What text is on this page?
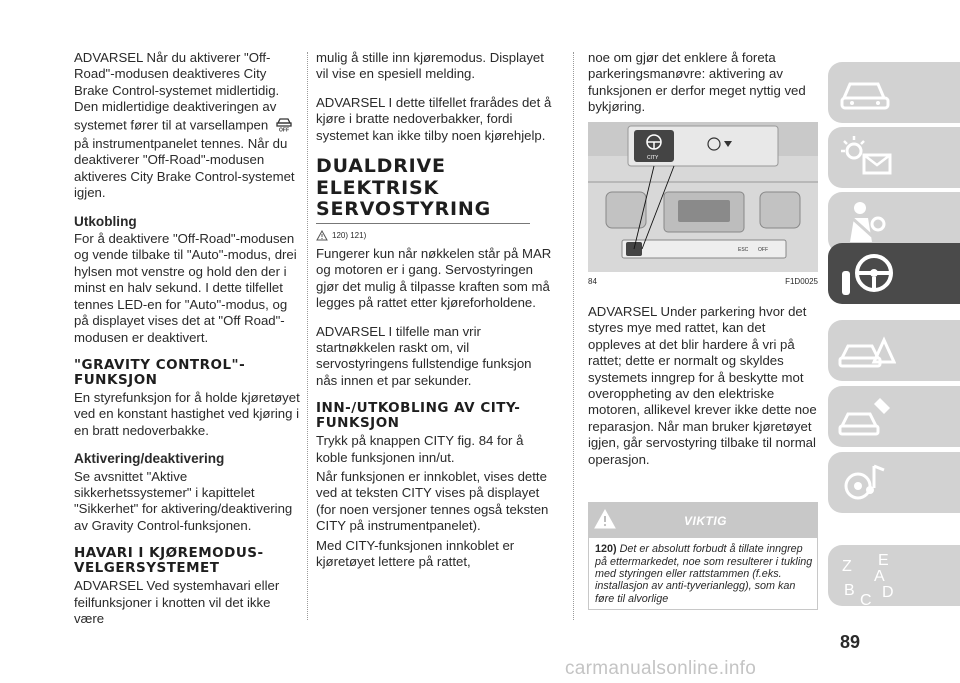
ADVARSEL Når du aktiverer "Off-Road"-modusen deaktiveres City Brake Control-systemet midlertidig. Den midlertidige deaktiveringen av systemet fører til at varsellampen OFF
på instrumentpanelet tennes. Når du deaktiverer "Off-Road"-modusen aktiveres City Brake Control-systemet igjen.

Utkobling

For å deaktivere "Off-Road"-modusen og vende tilbake til "Auto"-modus, drei hylsen mot venstre og hold den der i minst en halv sekund. I dette tilfellet tennes LED-en for "Auto"-modus, og på displayet vises det at "Off Road"-modusen er deaktivert.

"GRAVITY CONTROL"-FUNKSJON

En styrefunksjon for å holde kjøretøyet ved en konstant hastighet ved kjøring i en bratt nedoverbakke.

Aktivering/deaktivering

Se avsnittet "Aktive sikkerhetssystemer" i kapittelet "Sikkerhet" for aktivering/deaktivering av Gravity Control-funksjonen.

HAVARI I KJØREMODUS-VELGERSYSTEMET

ADVARSEL Ved systemhavari eller feilfunksjoner i knotten vil det ikke være

mulig å stille inn kjøremodus. Displayet vil vise en spesiell melding.

ADVARSEL I dette tilfellet frarådes det å kjøre i bratte nedoverbakker, fordi systemet kan ikke tilby noen kjørehjelp.

DUALDRIVE ELEKTRISK SERVOSTYRING
120) 121)

Fungerer kun når nøkkelen står på MAR og motoren er i gang. Servostyringen gjør det mulig å tilpasse kraften som må legges på rattet etter kjøreforholdene.

ADVARSEL I tilfelle man vrir startnøkkelen raskt om, vil servostyringens fullstendige funksjon nås innen et par sekunder.

INN-/UTKOBLING AV CITY-FUNKSJON

Trykk på knappen CITY fig. 84 for å koble funksjonen inn/ut.

Når funksjonen er innkoblet, vises dette ved at teksten CITY vises på displayet (for noen versjoner tennes også teksten CITY på instrumentpanelet).

Med CITY-funksjonen innkoblet er kjøretøyet lettere på rattet,

noe om gjør det enklere å foreta parkeringsmanøvre: aktivering av funksjonen er derfor meget nyttig ved bykjøring.

CITY
ESC OFF
84	F1D0025

ADVARSEL Under parkering hvor det styres mye med rattet, kan det oppleves at det blir hardere å vri på rattet; dette er normalt og skyldes systemets inngrep for å beskytte mot overoppheting av den elektriske motoren, allikevel krever ikke dette noe reparasjon. Når man bruker kjøretøyet igjen, går servostyring tilbake til normal operasjon.

VIKTIG
120) Det er absolutt forbudt å tillate inngrep på ettermarkedet, noe som resulterer i tukling med styringen eller rattstammen (f.eks. installasjon av anti-tyverianlegg), som kan føre til alvorlige
Z E
B
C D
A
89
carmanualsonline.info
